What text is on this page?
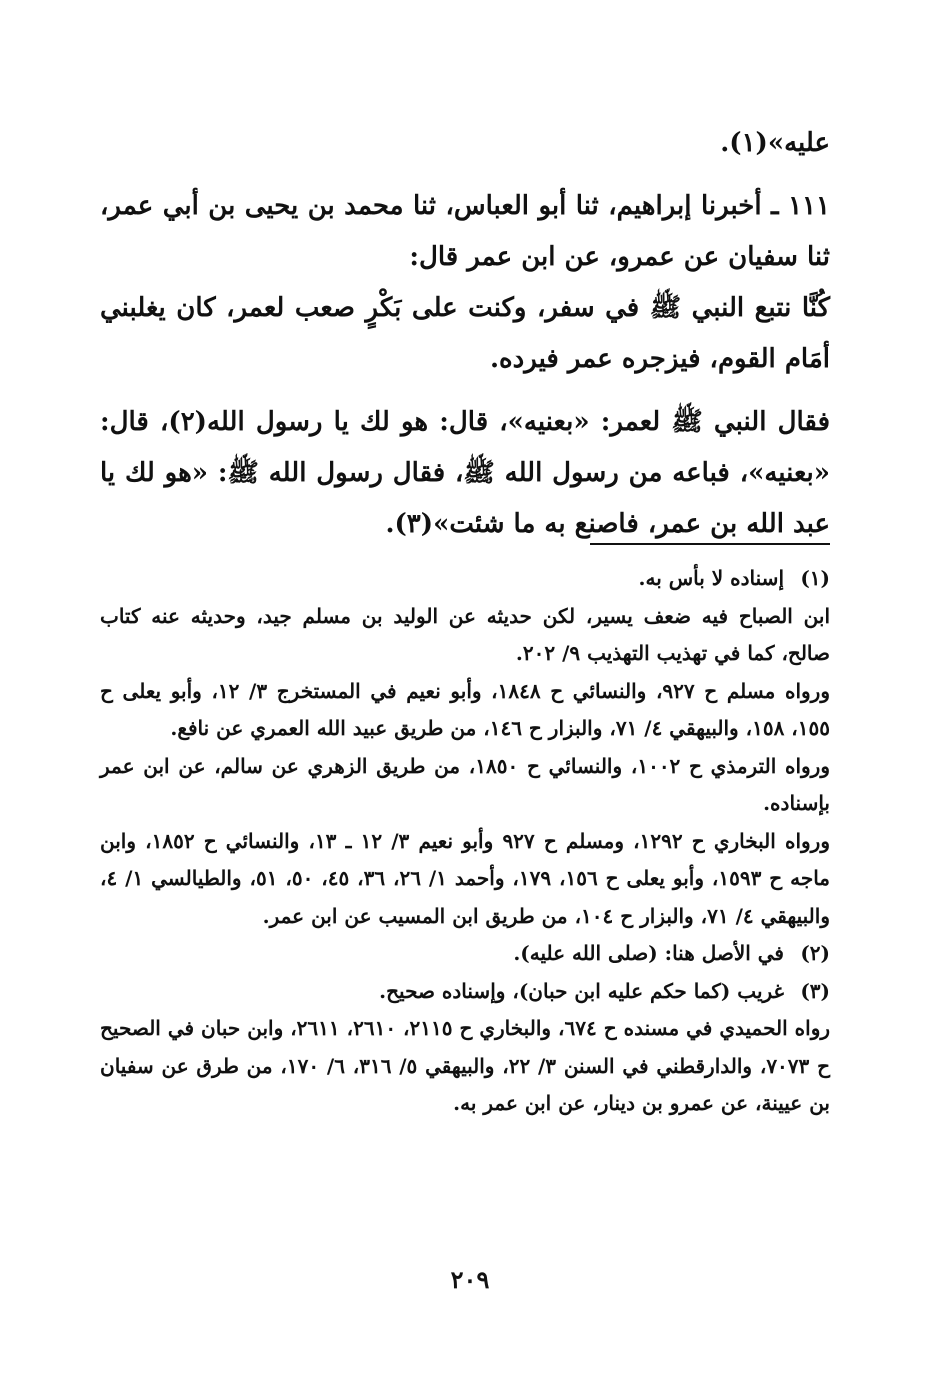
عليه»(١).

١١١ ـ أخبرنا إبراهيم، ثنا أبو العباس، ثنا محمد بن يحيى بن أبي عمر، ثنا سفيان عن عمرو، عن ابن عمر قال:

كُنَّا نتبع النبي ﷺ في سفر، وكنت على بَكْرٍ صعب لعمر، كان يغلبني أمَام القوم، فيزجره عمر فيرده.

فقال النبي ﷺ لعمر: «بعنيه»، قال: هو لك يا رسول الله(٢)، قال: «بعنيه»، فباعه من رسول الله ﷺ، فقال رسول الله ﷺ: «هو لك يا عبد الله بن عمر، فاصنع به ما شئت»(٣).

(١)

إسناده لا بأس به.

ابن الصباح فيه ضعف يسير، لكن حديثه عن الوليد بن مسلم جيد، وحديثه عنه كتاب صالح، كما في تهذيب التهذيب ٩/ ٢٠٢.

ورواه مسلم ح ٩٢٧، والنسائي ح ١٨٤٨، وأبو نعيم في المستخرج ٣/ ١٢، وأبو يعلى ح ١٥٥، ١٥٨، والبيهقي ٤/ ٧١، والبزار ح ١٤٦، من طريق عبيد الله العمري عن نافع.

ورواه الترمذي ح ١٠٠٢، والنسائي ح ١٨٥٠، من طريق الزهري عن سالم، عن ابن عمر بإسناده.

ورواه البخاري ح ١٢٩٢، ومسلم ح ٩٢٧ وأبو نعيم ٣/ ١٢ ـ ١٣، والنسائي ح ١٨٥٢، وابن ماجه ح ١٥٩٣، وأبو يعلى ح ١٥٦، ١٧٩، وأحمد ١/ ٢٦، ٣٦، ٤٥، ٥٠، ٥١، والطيالسي ١/ ٤، والبيهقي ٤/ ٧١، والبزار ح ١٠٤، من طريق ابن المسيب عن ابن عمر.

(٢)

في الأصل هنا: (صلى الله عليه).

(٣)

غريب (كما حكم عليه ابن حبان)، وإسناده صحيح.

رواه الحميدي في مسنده ح ٦٧٤، والبخاري ح ٢١١٥، ٢٦١٠، ٢٦١١، وابن حبان في الصحيح ح ٧٠٧٣، والدارقطني في السنن ٣/ ٢٢، والبيهقي ٥/ ٣١٦، ٦/ ١٧٠، من طرق عن سفيان بن عيينة، عن عمرو بن دينار، عن ابن عمر به.

٢٠٩
